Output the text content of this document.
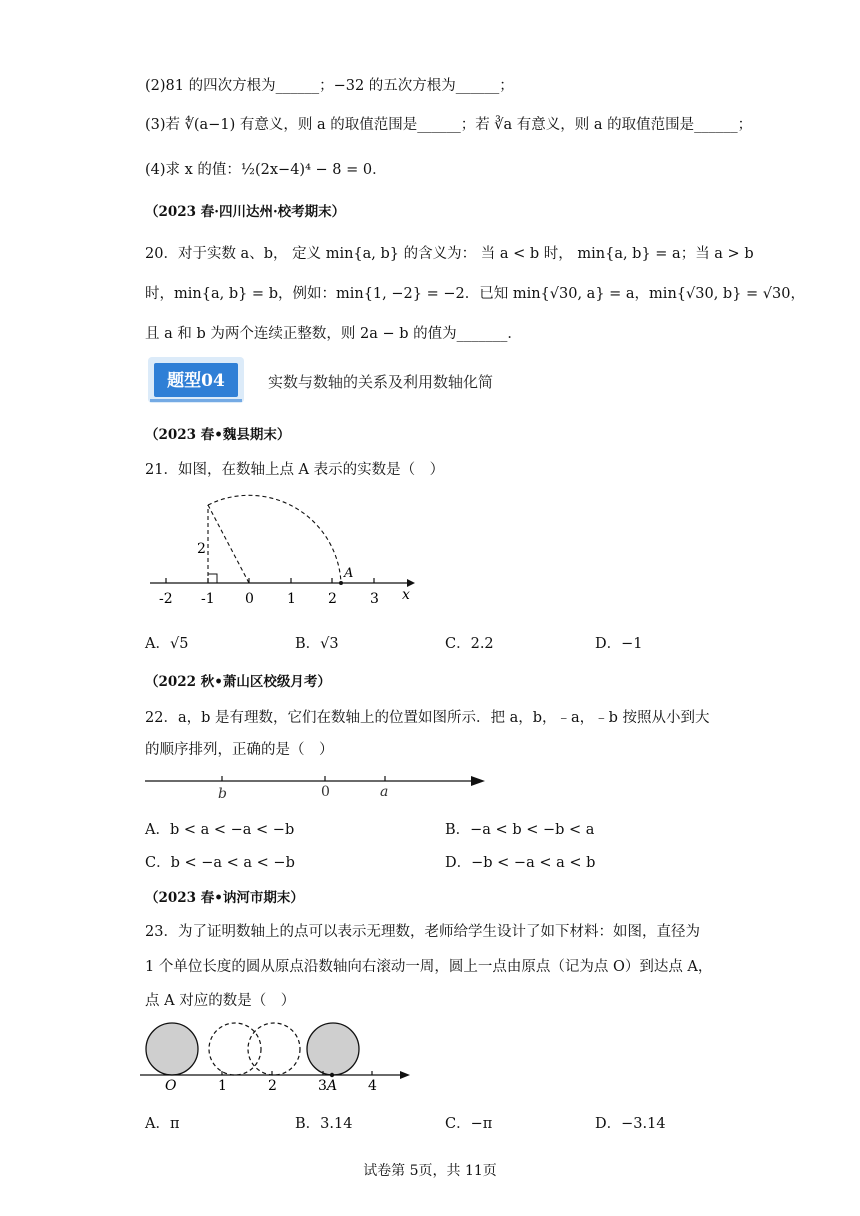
(2)81 的四次方根为______；−32 的五次方根为______；
(3)若 ∜(a−1) 有意义，则 a 的取值范围是______；若 ∛a 有意义，则 a 的取值范围是______；
(4)求 x 的值：½(2x−4)⁴ − 8 = 0．
（2023 春·四川达州·校考期末）
20．对于实数 a、b， 定义 min{a, b} 的含义为： 当 a < b 时， min{a, b} = a；当 a > b
时，min{a, b} = b，例如：min{1, −2} = −2．已知 min{√30, a} = a，min{√30, b} = √30，
且 a 和 b 为两个连续正整数，则 2a − b 的值为_______．
题型04	实数与数轴的关系及利用数轴化简
（2023 春•魏县期末）
21．如图，在数轴上点 A 表示的实数是（　）
2
A
x
-2 -1 0 1 2 3
A．√5	B．√3	C．2.2	D．−1
（2022 秋•萧山区校级月考）
22．a，b 是有理数，它们在数轴上的位置如图所示．把 a，b，﹣a，﹣b 按照从小到大
的顺序排列，正确的是（　）
b	0	a
A．b < a < −a < −b	B．−a < b < −b < a
C．b < −a < a < −b	D．−b < −a < a < b
（2023 春•讷河市期末）
23．为了证明数轴上的点可以表示无理数，老师给学生设计了如下材料：如图，直径为
1 个单位长度的圆从原点沿数轴向右滚动一周，圆上一点由原点（记为点 O）到达点 A，
点 A 对应的数是（　）
O	1	2	3 A 4
A．π	B．3.14	C．−π	D．−3.14
试卷第 5页，共 11页
